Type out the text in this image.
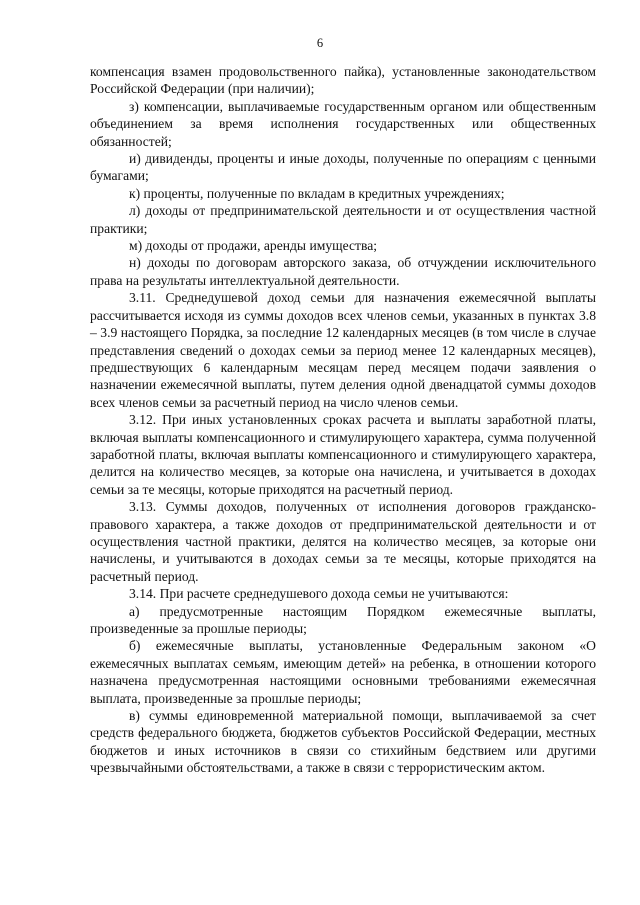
6

компенсация взамен продовольственного пайка), установленные законодательством Российской Федерации (при наличии);

з) компенсации, выплачиваемые государственным органом или общественным объединением за время исполнения государственных или общественных обязанностей;

и) дивиденды, проценты и иные доходы, полученные по операциям с ценными бумагами;

к) проценты, полученные по вкладам в кредитных учреждениях;

л) доходы от предпринимательской деятельности и от осуществления частной практики;

м) доходы от продажи, аренды имущества;

н) доходы по договорам авторского заказа, об отчуждении исключительного права на результаты интеллектуальной деятельности.

3.11. Среднедушевой доход семьи для назначения ежемесячной выплаты рассчитывается исходя из суммы доходов всех членов семьи, указанных в пунктах 3.8 – 3.9 настоящего Порядка, за последние 12 календарных месяцев (в том числе в случае представления сведений о доходах семьи за период менее 12 календарных месяцев), предшествующих 6 календарным месяцам перед месяцем подачи заявления о назначении ежемесячной выплаты, путем деления одной двенадцатой суммы доходов всех членов семьи за расчетный период на число членов семьи.

3.12. При иных установленных сроках расчета и выплаты заработной платы, включая выплаты компенсационного и стимулирующего характера, сумма полученной заработной платы, включая выплаты компенсационного и стимулирующего характера, делится на количество месяцев, за которые она начислена, и учитывается в доходах семьи за те месяцы, которые приходятся на расчетный период.

3.13. Суммы доходов, полученных от исполнения договоров гражданско-правового характера, а также доходов от предпринимательской деятельности и от осуществления частной практики, делятся на количество месяцев, за которые они начислены, и учитываются в доходах семьи за те месяцы, которые приходятся на расчетный период.

3.14. При расчете среднедушевого дохода семьи не учитываются:

а) предусмотренные настоящим Порядком ежемесячные выплаты, произведенные за прошлые периоды;

б) ежемесячные выплаты, установленные Федеральным законом «О ежемесячных выплатах семьям, имеющим детей» на ребенка, в отношении которого назначена предусмотренная настоящими основными требованиями ежемесячная выплата, произведенные за прошлые периоды;

в) суммы единовременной материальной помощи, выплачиваемой за счет средств федерального бюджета, бюджетов субъектов Российской Федерации, местных бюджетов и иных источников в связи со стихийным бедствием или другими чрезвычайными обстоятельствами, а также в связи с террористическим актом.
